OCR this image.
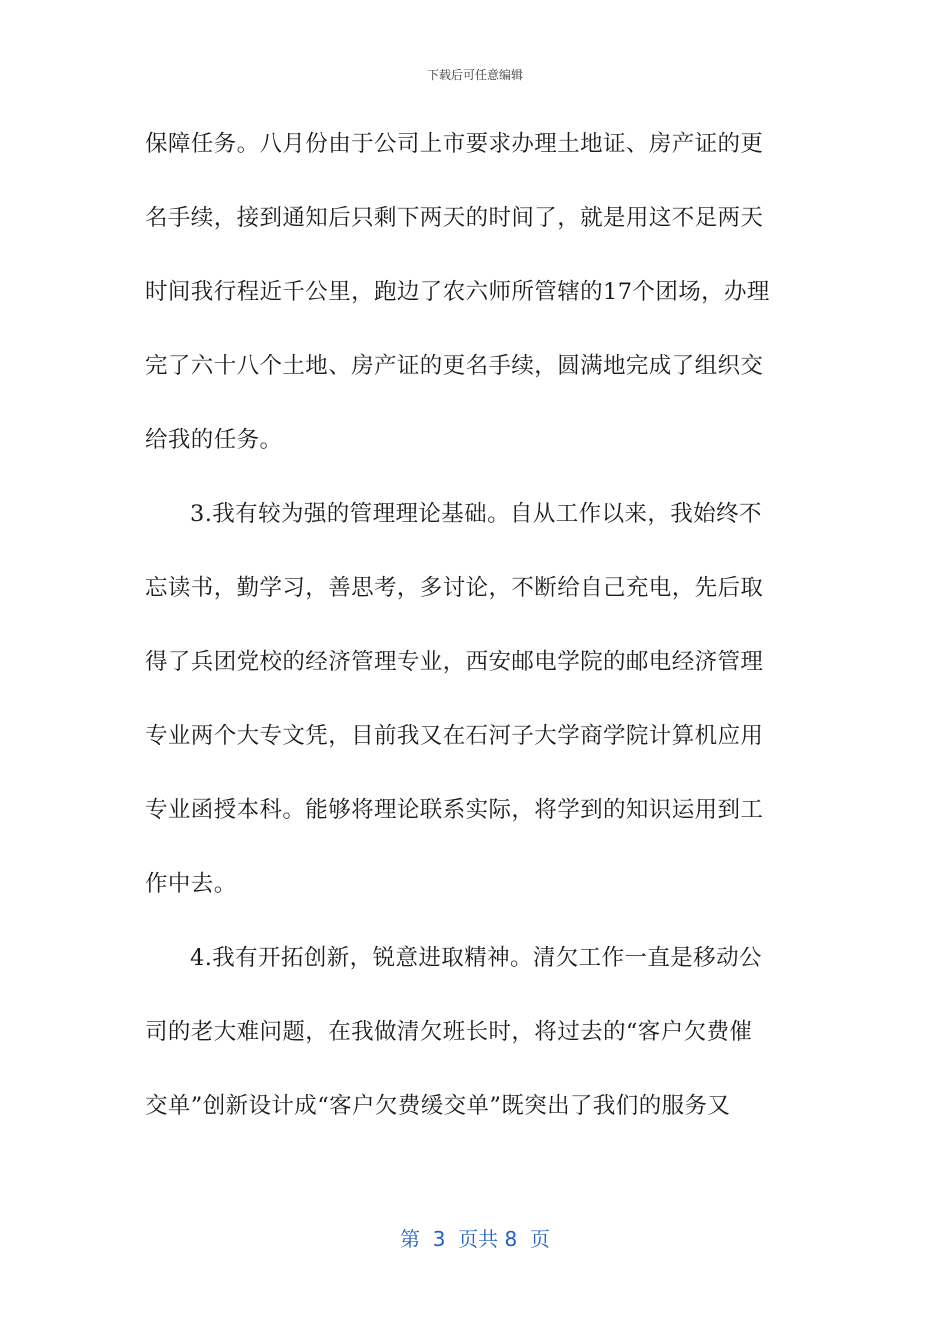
下载后可任意编辑
保障任务。八月份由于公司上市要求办理土地证、房产证的更
名手续，接到通知后只剩下两天的时间了，就是用这不足两天
时间我行程近千公里，跑边了农六师所管辖的17个团场，办理
完了六十八个土地、房产证的更名手续，圆满地完成了组织交
给我的任务。
3.我有较为强的管理理论基础。自从工作以来，我始终不
忘读书，勤学习，善思考，多讨论，不断给自己充电，先后取
得了兵团党校的经济管理专业，西安邮电学院的邮电经济管理
专业两个大专文凭，目前我又在石河子大学商学院计算机应用
专业函授本科。能够将理论联系实际，将学到的知识运用到工
作中去。
4.我有开拓创新，锐意进取精神。清欠工作一直是移动公
司的老大难问题，在我做清欠班长时，将过去的“客户欠费催
交单”创新设计成“客户欠费缓交单”既突出了我们的服务又
第  3  页共 8  页
